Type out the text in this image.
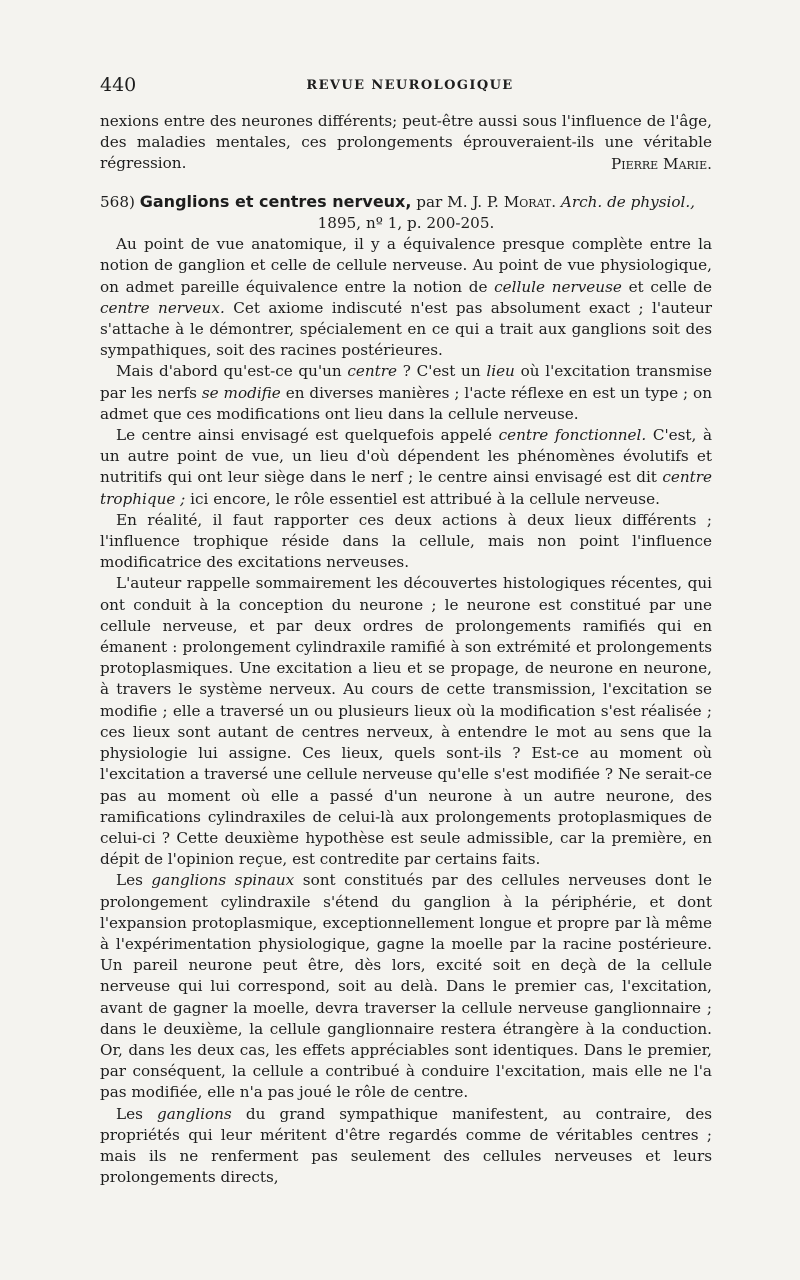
440	REVUE NEUROLOGIQUE

nexions entre des neurones différents; peut-être aussi sous l'influence de l'âge, des maladies mentales, ces prolongements éprouveraient-ils une véritable régression.	Pierre Marie.

568) Ganglions et centres nerveux, par M. J. P. Morat. Arch. de physiol.,
1895, nº 1, p. 200-205.

Au point de vue anatomique, il y a équivalence presque complète entre la notion de ganglion et celle de cellule nerveuse. Au point de vue physiologique, on admet pareille équivalence entre la notion de cellule nerveuse et celle de centre nerveux. Cet axiome indiscuté n'est pas absolument exact ; l'auteur s'attache à le démontrer, spécialement en ce qui a trait aux ganglions soit des sympathiques, soit des racines postérieures.

Mais d'abord qu'est-ce qu'un centre ? C'est un lieu où l'excitation transmise par les nerfs se modifie en diverses manières ; l'acte réflexe en est un type ; on admet que ces modifications ont lieu dans la cellule nerveuse.

Le centre ainsi envisagé est quelquefois appelé centre fonctionnel. C'est, à un autre point de vue, un lieu d'où dépendent les phénomènes évolutifs et nutritifs qui ont leur siège dans le nerf ; le centre ainsi envisagé est dit centre trophique ; ici encore, le rôle essentiel est attribué à la cellule nerveuse.

En réalité, il faut rapporter ces deux actions à deux lieux différents ; l'influence trophique réside dans la cellule, mais non point l'influence modificatrice des excitations nerveuses.

L'auteur rappelle sommairement les découvertes histologiques récentes, qui ont conduit à la conception du neurone ; le neurone est constitué par une cellule nerveuse, et par deux ordres de prolongements ramifiés qui en émanent : prolongement cylindraxile ramifié à son extrémité et prolongements protoplasmiques. Une excitation a lieu et se propage, de neurone en neurone, à travers le système nerveux. Au cours de cette transmission, l'excitation se modifie ; elle a traversé un ou plusieurs lieux où la modification s'est réalisée ; ces lieux sont autant de centres nerveux, à entendre le mot au sens que la physiologie lui assigne. Ces lieux, quels sont-ils ? Est-ce au moment où l'excitation a traversé une cellule nerveuse qu'elle s'est modifiée ? Ne serait-ce pas au moment où elle a passé d'un neurone à un autre neurone, des ramifications cylindraxiles de celui-là aux prolongements protoplasmiques de celui-ci ? Cette deuxième hypothèse est seule admissible, car la première, en dépit de l'opinion reçue, est contredite par certains faits.

Les ganglions spinaux sont constitués par des cellules nerveuses dont le prolongement cylindraxile s'étend du ganglion à la périphérie, et dont l'expansion protoplasmique, exceptionnellement longue et propre par là même à l'expérimentation physiologique, gagne la moelle par la racine postérieure. Un pareil neurone peut être, dès lors, excité soit en deçà de la cellule nerveuse qui lui correspond, soit au delà. Dans le premier cas, l'excitation, avant de gagner la moelle, devra traverser la cellule nerveuse ganglionnaire ; dans le deuxième, la cellule ganglionnaire restera étrangère à la conduction. Or, dans les deux cas, les effets appréciables sont identiques. Dans le premier, par conséquent, la cellule a contribué à conduire l'excitation, mais elle ne l'a pas modifiée, elle n'a pas joué le rôle de centre.

Les ganglions du grand sympathique manifestent, au contraire, des propriétés qui leur méritent d'être regardés comme de véritables centres ; mais ils ne renferment pas seulement des cellules nerveuses et leurs prolongements directs,
